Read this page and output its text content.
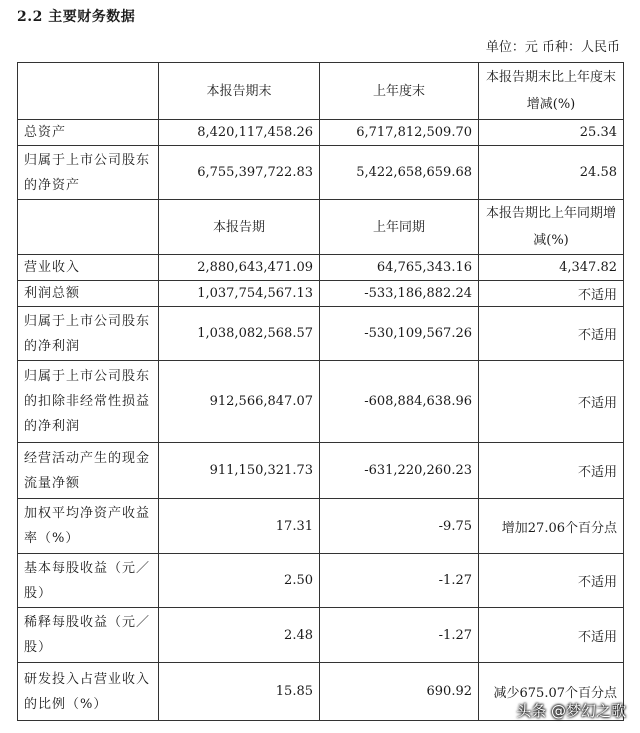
2.2 主要财务数据
单位：元 币种：人民币
	本报告期末	上年度末	本报告期末比上年度末增减(%)
总资产	8,420,117,458.26	6,717,812,509.70	25.34
归属于上市公司股东的净资产	6,755,397,722.83	5,422,658,659.68	24.58
	本报告期	上年同期	本报告期比上年同期增减(%)
营业收入	2,880,643,471.09	64,765,343.16	4,347.82
利润总额	1,037,754,567.13	-533,186,882.24	不适用
归属于上市公司股东的净利润	1,038,082,568.57	-530,109,567.26	不适用
归属于上市公司股东的扣除非经常性损益的净利润	912,566,847.07	-608,884,638.96	不适用
经营活动产生的现金流量净额	911,150,321.73	-631,220,260.23	不适用
加权平均净资产收益率（%）	17.31	-9.75	增加27.06个百分点
基本每股收益（元／股）	2.50	-1.27	不适用
稀释每股收益（元／股）	2.48	-1.27	不适用
研发投入占营业收入的比例（%）	15.85	690.92	减少675.07个百分点
头条 @梦幻之歌
